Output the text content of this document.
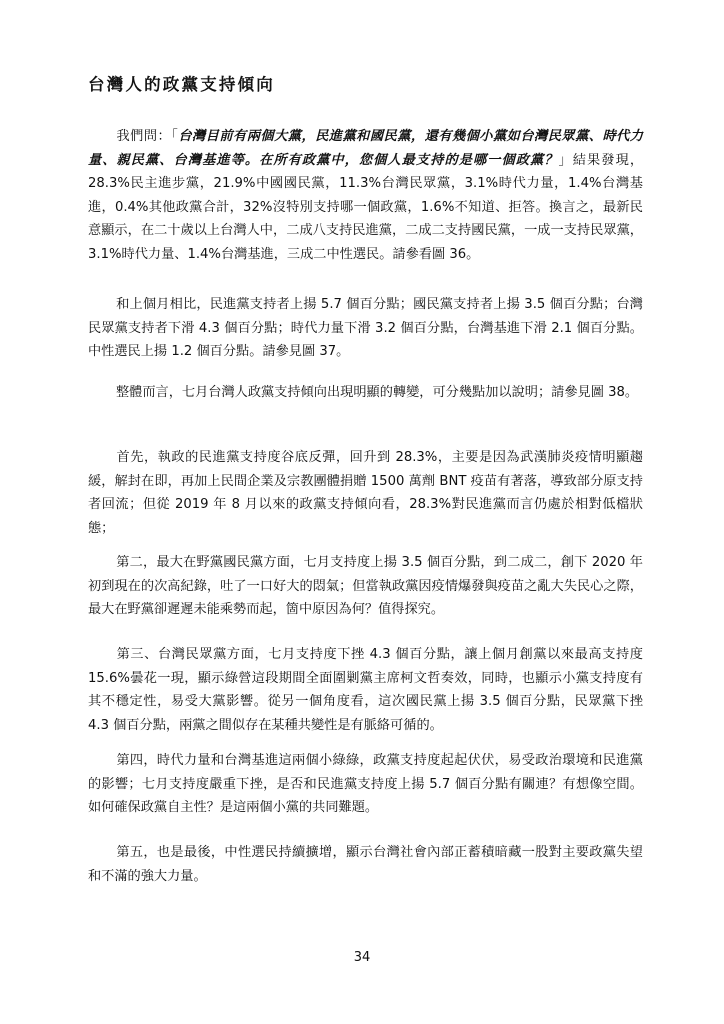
台灣人的政黨支持傾向
我們問：「台灣目前有兩個大黨，民進黨和國民黨，還有幾個小黨如台灣民眾黨、時代力量、親民黨、台灣基進等。在所有政黨中，您個人最支持的是哪一個政黨？」結果發現，28.3%民主進步黨，21.9%中國國民黨，11.3%台灣民眾黨，3.1%時代力量，1.4%台灣基進，0.4%其他政黨合計，32%沒特別支持哪一個政黨，1.6%不知道、拒答。換言之，最新民意顯示，在二十歲以上台灣人中，二成八支持民進黨，二成二支持國民黨，一成一支持民眾黨，3.1%時代力量、1.4%台灣基進，三成二中性選民。請參看圖 36。
和上個月相比，民進黨支持者上揚 5.7 個百分點；國民黨支持者上揚 3.5 個百分點；台灣民眾黨支持者下滑 4.3 個百分點；時代力量下滑 3.2 個百分點，台灣基進下滑 2.1 個百分點。中性選民上揚 1.2 個百分點。請參見圖 37。
整體而言，七月台灣人政黨支持傾向出現明顯的轉變，可分幾點加以說明；請參見圖 38。
首先，執政的民進黨支持度谷底反彈，回升到 28.3%，主要是因為武漢肺炎疫情明顯趨緩，解封在即，再加上民間企業及宗教團體捐贈 1500 萬劑 BNT 疫苗有著落，導致部分原支持者回流；但從 2019 年 8 月以來的政黨支持傾向看，28.3%對民進黨而言仍處於相對低檔狀態；
第二，最大在野黨國民黨方面，七月支持度上揚 3.5 個百分點，到二成二，創下 2020 年初到現在的次高紀錄，吐了一口好大的悶氣；但當執政黨因疫情爆發與疫苗之亂大失民心之際，最大在野黨卻遲遲未能乘勢而起，箇中原因為何？值得探究。
第三、台灣民眾黨方面，七月支持度下挫 4.3 個百分點，讓上個月創黨以來最高支持度 15.6%曇花一現，顯示綠營這段期間全面圍剿黨主席柯文哲奏效，同時，也顯示小黨支持度有其不穩定性，易受大黨影響。從另一個角度看，這次國民黨上揚 3.5 個百分點，民眾黨下挫 4.3 個百分點，兩黨之間似存在某種共變性是有脈絡可循的。
第四，時代力量和台灣基進這兩個小綠綠，政黨支持度起起伏伏，易受政治環境和民進黨的影響；七月支持度嚴重下挫，是否和民進黨支持度上揚 5.7 個百分點有關連？有想像空間。如何確保政黨自主性？是這兩個小黨的共同難題。
第五，也是最後，中性選民持續擴增，顯示台灣社會內部正蓄積暗藏一股對主要政黨失望和不滿的強大力量。
34
